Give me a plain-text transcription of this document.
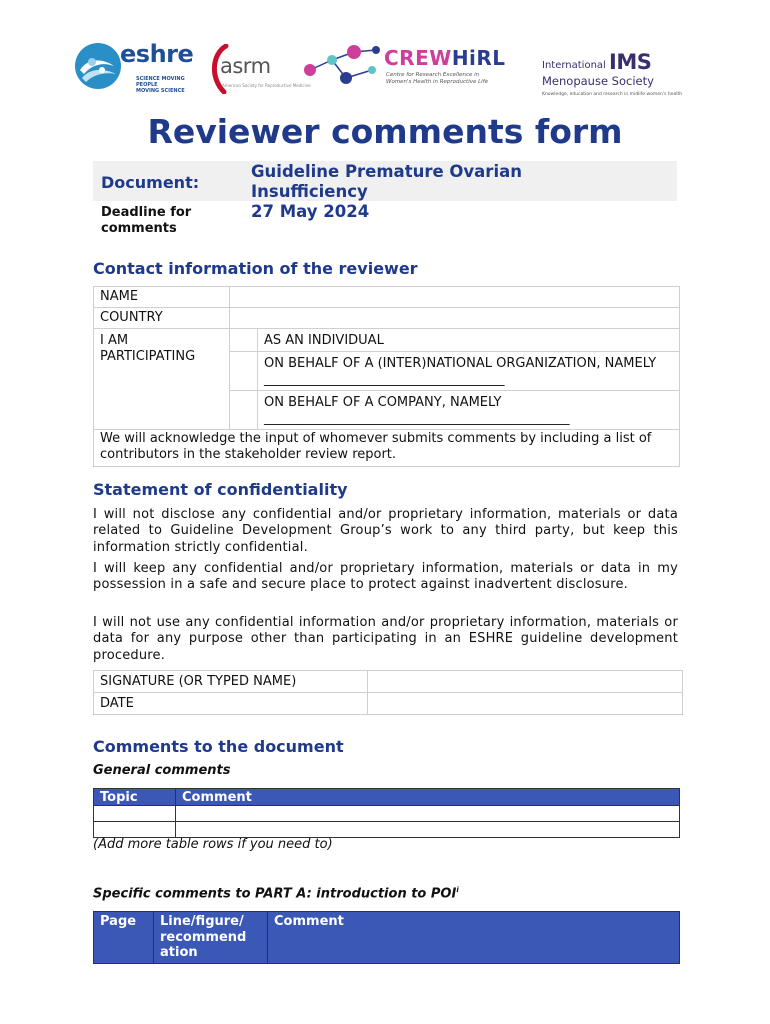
eshre
SCIENCE MOVING
PEOPLE
MOVING SCIENCE
asrm
American Society for Reproductive Medicine
CREWHiRL
Centre for Research Excellence in
Women's Health in Reproductive Life
International IMS
Menopause Society
Knowledge, education and research in midlife women's health
Reviewer comments form
Document:
Guideline Premature Ovarian Insufficiency
Deadline for comments
27 May 2024
Contact information of the reviewer
NAME		
COUNTRY		
I AM PARTICIPATING		AS AN INDIVIDUAL
		ON BEHALF OF A (INTER)NATIONAL ORGANIZATION, NAMELY _____________________________________
		ON BEHALF OF A COMPANY, NAMELY _______________________________________________
We will acknowledge the input of whomever submits comments by including a list of contributors in the stakeholder review report.		
Statement of confidentiality
I will not disclose any confidential and/or proprietary information, materials or data related to Guideline Development Group’s work to any third party, but keep this information strictly confidential.
I will keep any confidential and/or proprietary information, materials or data in my possession in a safe and secure place to protect against inadvertent disclosure.
I will not use any confidential information and/or proprietary information, materials or data for any purpose other than participating in an ESHRE guideline development procedure.
SIGNATURE (OR TYPED NAME)	
DATE	
Comments to the document
General comments
Topic	Comment

(Add more table rows if you need to)
Specific comments to PART A: introduction to POI$^i$
Page	Line/figure/ recommend ation	Comment
